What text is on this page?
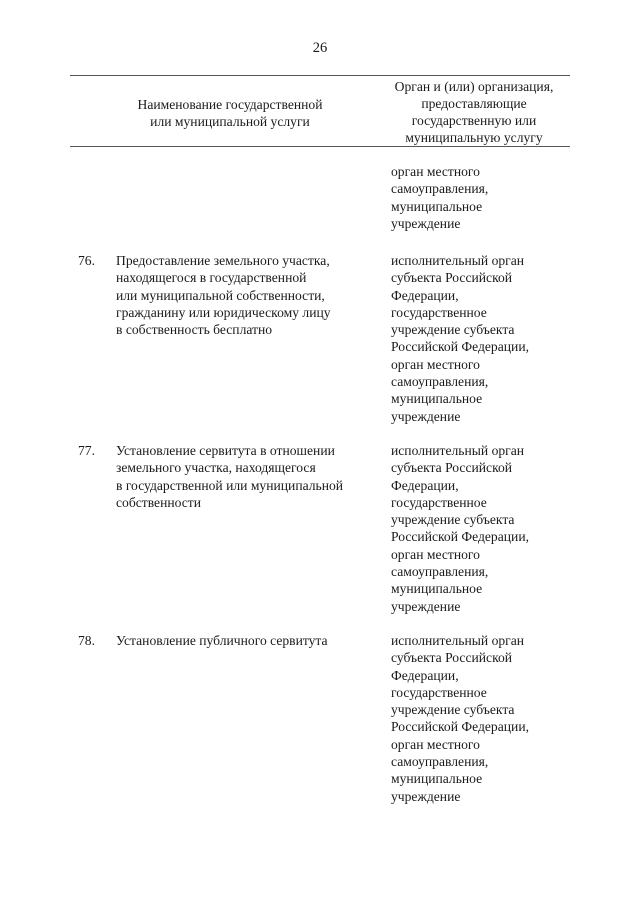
26
Наименование государственной
или муниципальной услуги
Орган и (или) организация,
предоставляющие
государственную или
муниципальную услугу
орган местного
самоуправления,
муниципальное
учреждение
76. Предоставление земельного участка,
находящегося в государственной
или муниципальной собственности,
гражданину или юридическому лицу
в собственность бесплатно
исполнительный орган
субъекта Российской
Федерации,
государственное
учреждение субъекта
Российской Федерации,
орган местного
самоуправления,
муниципальное
учреждение
77. Установление сервитута в отношении
земельного участка, находящегося
в государственной или муниципальной
собственности
исполнительный орган
субъекта Российской
Федерации,
государственное
учреждение субъекта
Российской Федерации,
орган местного
самоуправления,
муниципальное
учреждение
78. Установление публичного сервитута	исполнительный орган
субъекта Российской
Федерации,
государственное
учреждение субъекта
Российской Федерации,
орган местного
самоуправления,
муниципальное
учреждение
